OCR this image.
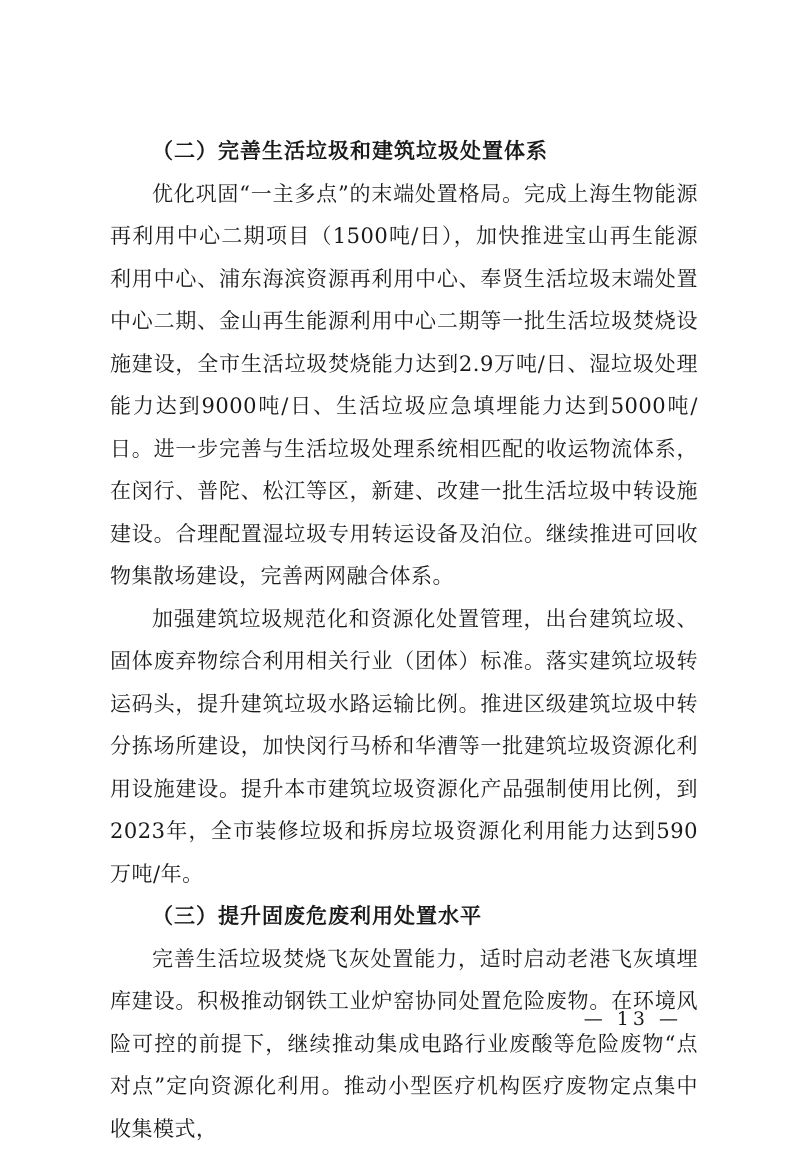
（二）完善生活垃圾和建筑垃圾处置体系

优化巩固“一主多点”的末端处置格局。完成上海生物能源再利用中心二期项目（1500吨/日），加快推进宝山再生能源利用中心、浦东海滨资源再利用中心、奉贤生活垃圾末端处置中心二期、金山再生能源利用中心二期等一批生活垃圾焚烧设施建设，全市生活垃圾焚烧能力达到2.9万吨/日、湿垃圾处理能力达到9000吨/日、生活垃圾应急填埋能力达到5000吨/日。进一步完善与生活垃圾处理系统相匹配的收运物流体系，在闵行、普陀、松江等区，新建、改建一批生活垃圾中转设施建设。合理配置湿垃圾专用转运设备及泊位。继续推进可回收物集散场建设，完善两网融合体系。

加强建筑垃圾规范化和资源化处置管理，出台建筑垃圾、固体废弃物综合利用相关行业（团体）标准。落实建筑垃圾转运码头，提升建筑垃圾水路运输比例。推进区级建筑垃圾中转分拣场所建设，加快闵行马桥和华漕等一批建筑垃圾资源化利用设施建设。提升本市建筑垃圾资源化产品强制使用比例，到2023年，全市装修垃圾和拆房垃圾资源化利用能力达到590万吨/年。

（三）提升固废危废利用处置水平

完善生活垃圾焚烧飞灰处置能力，适时启动老港飞灰填埋库建设。积极推动钢铁工业炉窑协同处置危险废物。在环境风险可控的前提下，继续推动集成电路行业废酸等危险废物“点对点”定向资源化利用。推动小型医疗机构医疗废物定点集中收集模式，

— 13 —
